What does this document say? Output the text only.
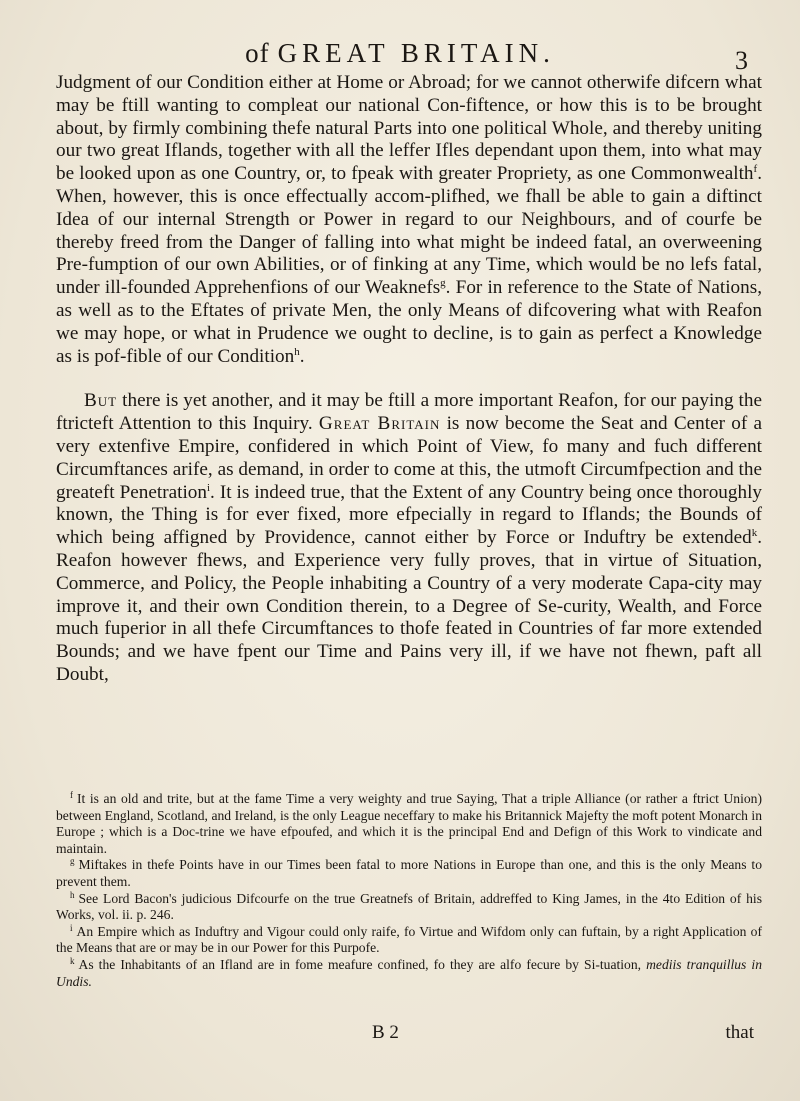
of GREAT BRITAIN.	3

Judgment of our Condition either at Home or Abroad; for we cannot otherwife difcern what may be ftill wanting to compleat our national Con-fiftence, or how this is to be brought about, by firmly combining thefe natural Parts into one political Whole, and thereby uniting our two great Iflands, together with all the leffer Ifles dependant upon them, into what may be looked upon as one Country, or, to fpeak with greater Propriety, as one Commonwealth$^f$. When, however, this is once effectually accom-plifhed, we fhall be able to gain a diftinct Idea of our internal Strength or Power in regard to our Neighbours, and of courfe be thereby freed from the Danger of falling into what might be indeed fatal, an overweening Pre-fumption of our own Abilities, or of finking at any Time, which would be no lefs fatal, under ill-founded Apprehenfions of our Weaknefs$^g$. For in reference to the State of Nations, as well as to the Eftates of private Men, the only Means of difcovering what with Reafon we may hope, or what in Prudence we ought to decline, is to gain as perfect a Knowledge as is pof-fible of our Condition$^h$.

But there is yet another, and it may be ftill a more important Reafon, for our paying the ftricteft Attention to this Inquiry. Great Britain is now become the Seat and Center of a very extenfive Empire, confidered in which Point of View, fo many and fuch different Circumftances arife, as demand, in order to come at this, the utmoft Circumfpection and the greateft Penetration$^i$. It is indeed true, that the Extent of any Country being once thoroughly known, the Thing is for ever fixed, more efpecially in regard to Iflands; the Bounds of which being affigned by Providence, cannot either by Force or Induftry be extended$^k$. Reafon however fhews, and Experience very fully proves, that in virtue of Situation, Commerce, and Policy, the People inhabiting a Country of a very moderate Capa-city may improve it, and their own Condition therein, to a Degree of Se-curity, Wealth, and Force much fuperior in all thefe Circumftances to thofe feated in Countries of far more extended Bounds; and we have fpent our Time and Pains very ill, if we have not fhewn, paft all Doubt,

$^f$ It is an old and trite, but at the fame Time a very weighty and true Saying, That a triple Alliance (or rather a ftrict Union) between England, Scotland, and Ireland, is the only League neceffary to make his Britannick Majefty the moft potent Monarch in Europe ; which is a Doc-trine we have efpoufed, and which it is the principal End and Defign of this Work to vindicate and maintain.

$^g$ Miftakes in thefe Points have in our Times been fatal to more Nations in Europe than one, and this is the only Means to prevent them.

$^h$ See Lord Bacon's judicious Difcourfe on the true Greatnefs of Britain, addreffed to King James, in the 4to Edition of his Works, vol. ii. p. 246.

$^i$ An Empire which as Induftry and Vigour could only raife, fo Virtue and Wifdom only can fuftain, by a right Application of the Means that are or may be in our Power for this Purpofe.

$^k$ As the Inhabitants of an Ifland are in fome meafure confined, fo they are alfo fecure by Si-tuation, mediis tranquillus in Undis.

B 2	that
